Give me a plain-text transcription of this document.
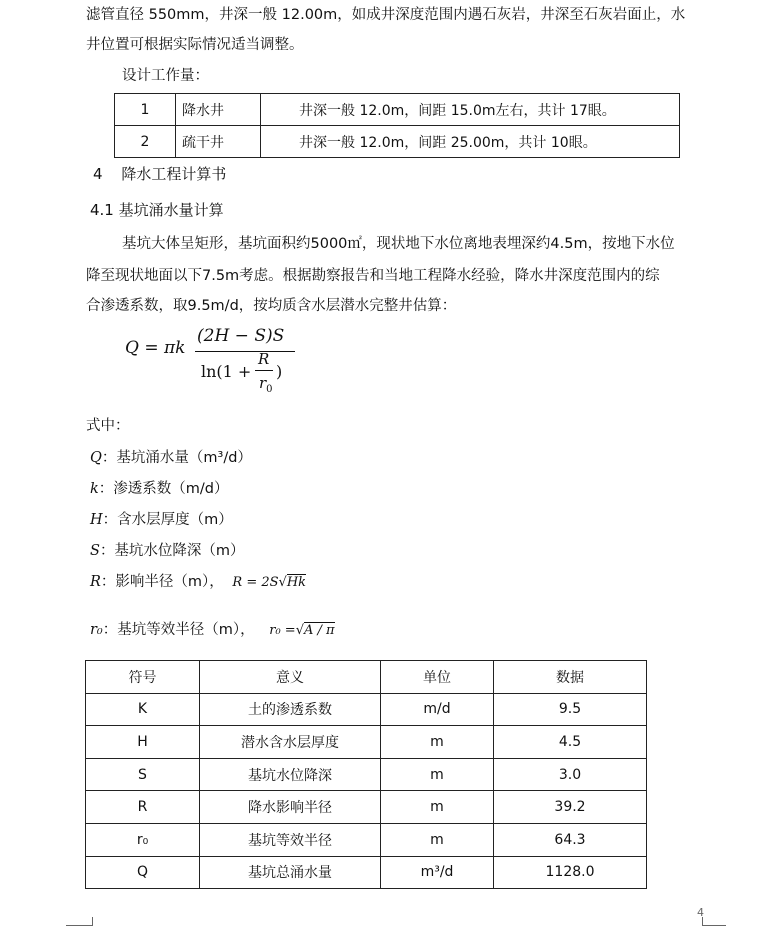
滤管直径 550mm，井深一般 12.00m，如成井深度范围内遇石灰岩，井深至石灰岩面止，水
井位置可根据实际情况适当调整。
设计工作量：
1	降水井	井深一般 12.0m，间距 15.0m左右，共计 17眼。
2	疏干井	井深一般 12.0m，间距 25.00m，共计 10眼。
4 降水工程计算书
4.1 基坑涌水量计算
基坑大体呈矩形，基坑面积约5000㎡，现状地下水位离地表埋深约4.5m，按地下水位
降至现状地面以下7.5m考虑。根据勘察报告和当地工程降水经验，降水井深度范围内的综
合渗透系数，取9.5m/d，按均质含水层潜水完整井估算：
Q = πk
(2H − S)S
ln(1 +
R
$r_0$
)
式中：
Q：基坑涌水量（m³/d）
k：渗透系数（m/d）
H：含水层厚度（m）
S：基坑水位降深（m）
R：影响半径（m）， R = 2S√Hk
r₀：基坑等效半径（m）， r₀ =√A / π
符号	意义	单位	数据
K	土的渗透系数	m/d	9.5
H	潜水含水层厚度	m	4.5
S	基坑水位降深	m	3.0
R	降水影响半径	m	39.2
r₀	基坑等效半径	m	64.3
Q	基坑总涌水量	m³/d	1128.0
4
